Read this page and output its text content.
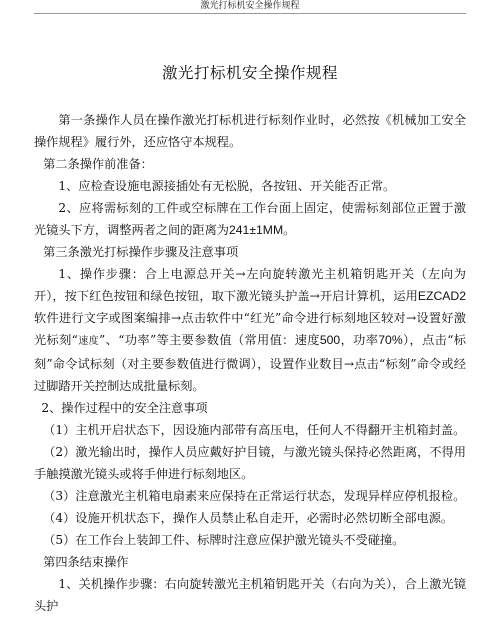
激光打标机安全操作规程
激光打标机安全操作规程

第一条操作人员在操作激光打标机进行标刻作业时，必然按《机械加工安全操作规程》履行外，还应恪守本规程。

第二条操作前准备：

1、应检查设施电源接插处有无松脱，各按钮、开关能否正常。

2、应将需标刻的工件或空标牌在工作台面上固定，使需标刻部位正置于激光镜头下方，调整两者之间的距离为241±1MM。

第三条激光打标操作步骤及注意事项

1、操作步骤：合上电源总开关→左向旋转激光主机箱钥匙开关（左向为开），按下红色按钮和绿色按钮，取下激光镜头护盖→开启计算机，运用EZCAD2软件进行文字或图案编排→点击软件中“红光”命令进行标刻地区较对→设置好激光标刻“速度”、“功率”等主要参数值（常用值：速度500，功率70%），点击“标刻”命令试标刻（对主要参数值进行微调），设置作业数目→点击“标刻”命令或经过脚踏开关控制达成批量标刻。

2、操作过程中的安全注意事项

（1）主机开启状态下，因设施内部带有高压电，任何人不得翻开主机箱封盖。

（2）激光输出时，操作人员应戴好护目镜，与激光镜头保持必然距离，不得用手触摸激光镜头或将手伸进行标刻地区。

（3）注意激光主机箱电扇素来应保持在正常运行状态，发现异样应停机报检。

（4）设施开机状态下，操作人员禁止私自走开，必需时必然切断全部电源。

（5）在工作台上装卸工件、标牌时注意应保护激光镜头不受碰撞。

第四条结束操作

1、关机操作步骤：右向旋转激光主机箱钥匙开关（右向为关），合上激光镜头护
